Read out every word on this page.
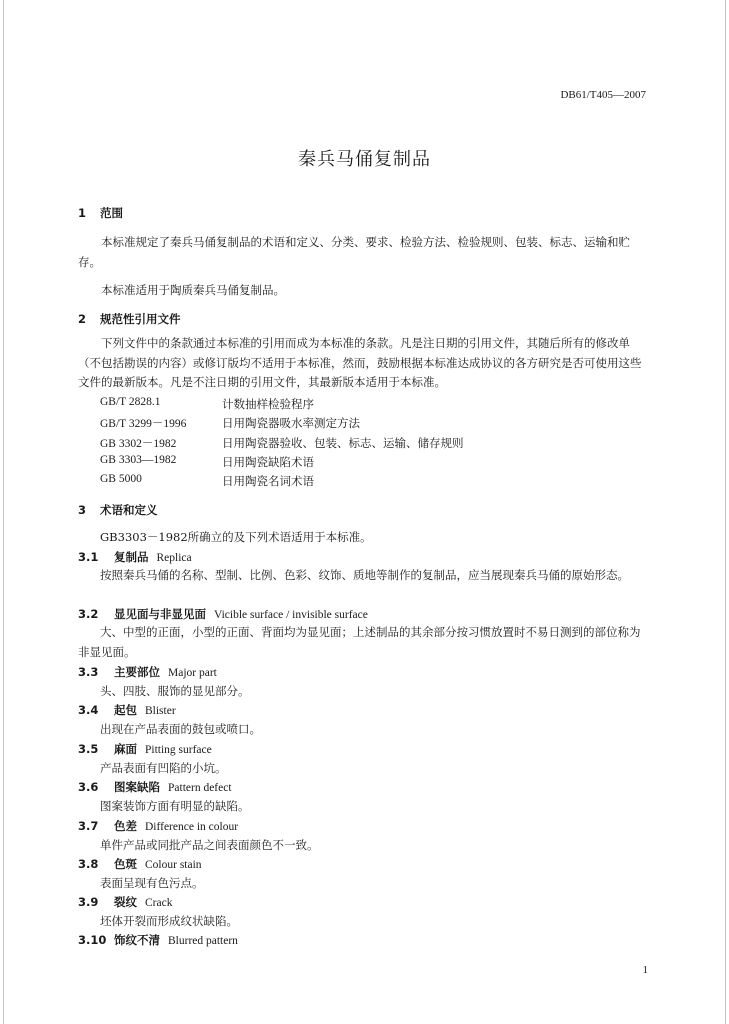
DB61/T405—2007
秦兵马俑复制品
1 范围
本标准规定了秦兵马俑复制品的术语和定义、分类、要求、检验方法、检验规则、包装、标志、运输和贮存。
本标准适用于陶质秦兵马俑复制品。
2 规范性引用文件
下列文件中的条款通过本标准的引用而成为本标准的条款。凡是注日期的引用文件，其随后所有的修改单（不包括勘误的内容）或修订版均不适用于本标准，然而，鼓励根据本标准达成协议的各方研究是否可使用这些文件的最新版本。凡是不注日期的引用文件，其最新版本适用于本标准。
GB/T 2828.1	计数抽样检验程序
GB/T 3299－1996	日用陶瓷器吸水率测定方法
GB 3302－1982	日用陶瓷器验收、包装、标志、运输、储存规则
GB 3303—1982	日用陶瓷缺陷术语
GB 5000	日用陶瓷名词术语
3 术语和定义
GB3303－1982所确立的及下列术语适用于本标准。
3.1 复制品 Replica
按照秦兵马俑的名称、型制、比例、色彩、纹饰、质地等制作的复制品，应当展现秦兵马俑的原始形态。
3.2 显见面与非显见面 Vicible surface / invisible surface
大、中型的正面，小型的正面、背面均为显见面；上述制品的其余部分按习惯放置时不易日测到的部位称为非显见面。
3.3 主要部位 Major part
头、四肢、服饰的显见部分。
3.4 起包 Blister
出现在产品表面的鼓包或喷口。
3.5 麻面 Pitting surface
产品表面有凹陷的小坑。
3.6 图案缺陷 Pattern defect
图案装饰方面有明显的缺陷。
3.7 色差 Difference in colour
单件产品或同批产品之间表面颜色不一致。
3.8 色斑 Colour stain
表面呈现有色污点。
3.9 裂纹 Crack
坯体开裂而形成纹状缺陷。
3.10 饰纹不清 Blurred pattern
1
